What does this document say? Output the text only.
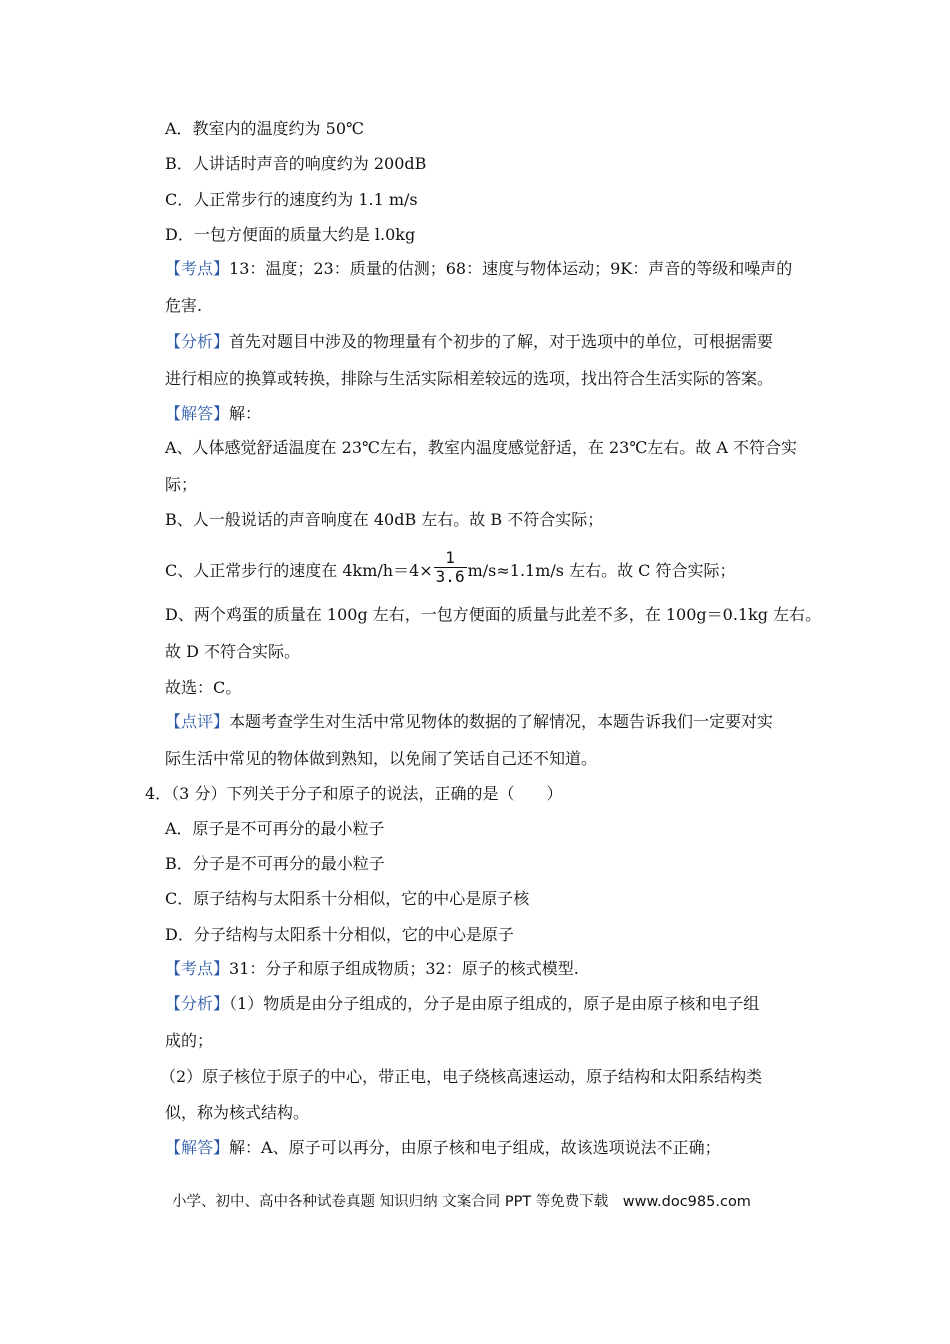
A．教室内的温度约为 50℃
B．人讲话时声音的响度约为 200dB
C．人正常步行的速度约为 1.1 m/s
D．一包方便面的质量大约是 l.0kg
【考点】13：温度；23：质量的估测；68：速度与物体运动；9K：声音的等级和噪声的
危害.
【分析】首先对题目中涉及的物理量有个初步的了解，对于选项中的单位，可根据需要
进行相应的换算或转换，排除与生活实际相差较远的选项，找出符合生活实际的答案。
【解答】解：
A、人体感觉舒适温度在 23℃左右，教室内温度感觉舒适，在 23℃左右。故 A 不符合实
际；
B、人一般说话的声音响度在 40dB 左右。故 B 不符合实际；
C、人正常步行的速度在 $4km/h=4\times \frac{1}{3.6} m/s\approx 1.1m/s$ 左右。故 C 符合实际；
D、两个鸡蛋的质量在 100g 左右，一包方便面的质量与此差不多，在 100g＝0.1kg 左右。
故 D 不符合实际。
故选：C。
【点评】本题考查学生对生活中常见物体的数据的了解情况，本题告诉我们一定要对实
际生活中常见的物体做到熟知，以免闹了笑话自己还不知道。
4．（3 分）下列关于分子和原子的说法，正确的是（　　）
A．原子是不可再分的最小粒子
B．分子是不可再分的最小粒子
C．原子结构与太阳系十分相似，它的中心是原子核
D．分子结构与太阳系十分相似，它的中心是原子
【考点】31：分子和原子组成物质；32：原子的核式模型.
【分析】（1）物质是由分子组成的，分子是由原子组成的，原子是由原子核和电子组
成的；
（2）原子核位于原子的中心，带正电，电子绕核高速运动，原子结构和太阳系结构类
似，称为核式结构。
【解答】解：A、原子可以再分，由原子核和电子组成，故该选项说法不正确；
小学、初中、高中各种试卷真题 知识归纳 文案合同 PPT 等免费下载　www.doc985.com
